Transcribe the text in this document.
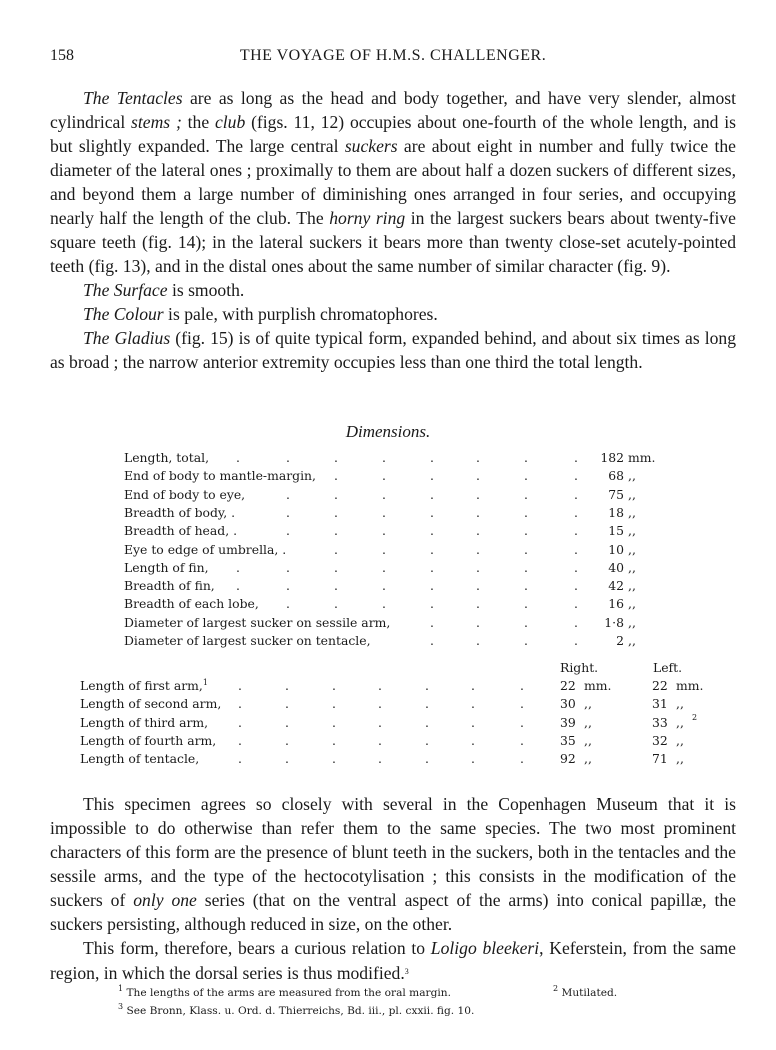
158	THE VOYAGE OF H.M.S. CHALLENGER.

The Tentacles are as long as the head and body together, and have very slender, almost cylindrical stems ; the club (figs. 11, 12) occupies about one-fourth of the whole length, and is but slightly expanded. The large central suckers are about eight in number and fully twice the diameter of the lateral ones ; proximally to them are about half a dozen suckers of different sizes, and beyond them a large number of diminishing ones arranged in four series, and occupying nearly half the length of the club. The horny ring in the largest suckers bears about twenty-five square teeth (fig. 14); in the lateral suckers it bears more than twenty close-set acutely-pointed teeth (fig. 13), and in the distal ones about the same number of similar character (fig. 9).

The Surface is smooth.

The Colour is pale, with purplish chromatophores.

The Gladius (fig. 15) is of quite typical form, expanded behind, and about six times as long as broad ; the narrow anterior extremity occupies less than one third the total length.

Dimensions.
Length, total, .	.	.	.	.	.	.	.	182 mm.
End of body to mantle-margin, .	.	.	.	.	.	68 ,,
End of body to eye,	.	.	.	.	.	.	.	75 ,,
Breadth of body, .	.	.	.	.	.	.	.	18 ,,
Breadth of head, .	.	.	.	.	.	.	.	15 ,,
Eye to edge of umbrella, .	.	.	.	.	.	.	10 ,,
Length of fin, .	.	.	.	.	.	.	.	40 ,,
Breadth of fin, .	.	.	.	.	.	.	.	42 ,,
Breadth of each lobe, .	.	.	.	.	.	.	16 ,,
Diameter of largest sucker on sessile arm,	.	.	.	.	1·8 ,,
Diameter of largest sucker on tentacle,	.	.	.	.	2 ,,
Right.	Left.
Length of first arm,$^1$ .	.	.	.	.	.	.	22 mm.	22 mm.
Length of second arm, .	.	.	.	.	.	.	30 ,,	31 ,,
Length of third arm, .	.	.	.	.	.	.	39 ,,	33 ,, 2
Length of fourth arm, .	.	.	.	.	.	.	35 ,,	32 ,,
Length of tentacle,	.	.	.	.	.	.	.	92 ,,	71 ,,

This specimen agrees so closely with several in the Copenhagen Museum that it is impossible to do otherwise than refer them to the same species. The two most prominent characters of this form are the presence of blunt teeth in the suckers, both in the tentacles and the sessile arms, and the type of the hectocotylisation ; this consists in the modification of the suckers of only one series (that on the ventral aspect of the arms) into conical papillæ, the suckers persisting, although reduced in size, on the other.

This form, therefore, bears a curious relation to Loligo bleekeri, Keferstein, from the same region, in which the dorsal series is thus modified.$^3$

$^1$ The lengths of the arms are measured from the oral margin.	$^2$ Mutilated.
$^3$ See Bronn, Klass. u. Ord. d. Thierreichs, Bd. iii., pl. cxxii. fig. 10.
